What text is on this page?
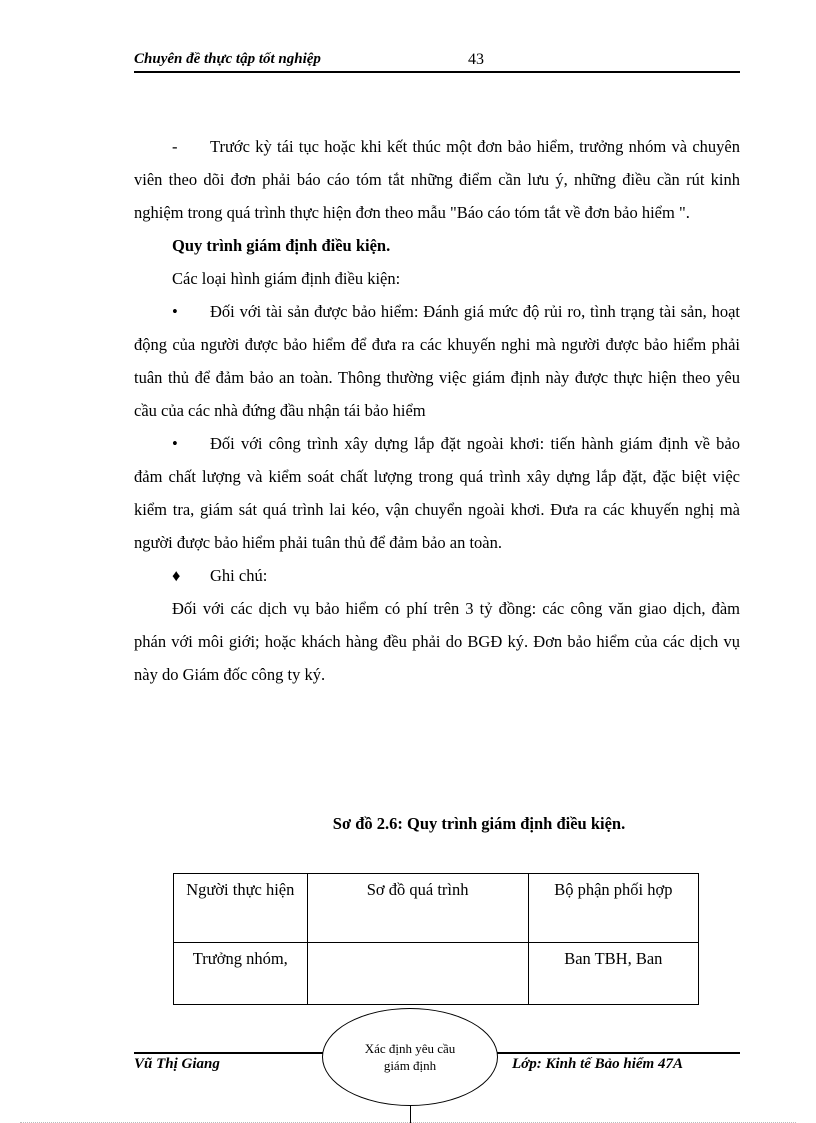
Chuyên đề thực tập tốt nghiệp	43

-	Trước kỳ tái tục hoặc khi kết thúc một đơn bảo hiểm, trưởng nhóm và chuyên viên theo dõi đơn phải báo cáo tóm tắt những điểm cần lưu ý, những điều cần rút kinh nghiệm trong quá trình thực hiện đơn theo mẫu "Báo cáo tóm tắt về đơn bảo hiểm ".

Quy trình giám định điều kiện.

Các loại hình giám định điều kiện:

•	Đối với tài sản được bảo hiểm: Đánh giá mức độ rủi ro, tình trạng tài sản, hoạt động của người được bảo hiểm để đưa ra các khuyến nghi mà người được bảo hiểm phải tuân thủ để đảm bảo an toàn. Thông thường việc giám định này được thực hiện theo yêu cầu của các nhà đứng đầu nhận tái bảo hiểm

•	Đối với công trình xây dựng lắp đặt ngoài khơi: tiến hành giám định về bảo đảm chất lượng và kiểm soát chất lượng trong quá trình xây dựng lắp đặt, đặc biệt việc kiểm tra, giám sát quá trình lai kéo, vận chuyển ngoài khơi. Đưa ra các khuyến nghị mà người được bảo hiểm phải tuân thủ để đảm bảo an toàn.

♦	Ghi chú:

Đối với các dịch vụ bảo hiểm có phí trên 3 tỷ đồng: các công văn giao dịch, đàm phán với môi giới; hoặc khách hàng đều phải do BGĐ ký. Đơn bảo hiểm của các dịch vụ này do Giám đốc công ty ký.

Sơ đồ 2.6: Quy trình giám định điều kiện.
Người thực hiện	Sơ đồ quá trình	Bộ phận phối hợp

Trưởng nhóm,		Ban TBH, Ban
Vũ Thị Giang	Lớp: Kinh tế Bảo hiểm 47A
Xác định yêu cầu giám định
